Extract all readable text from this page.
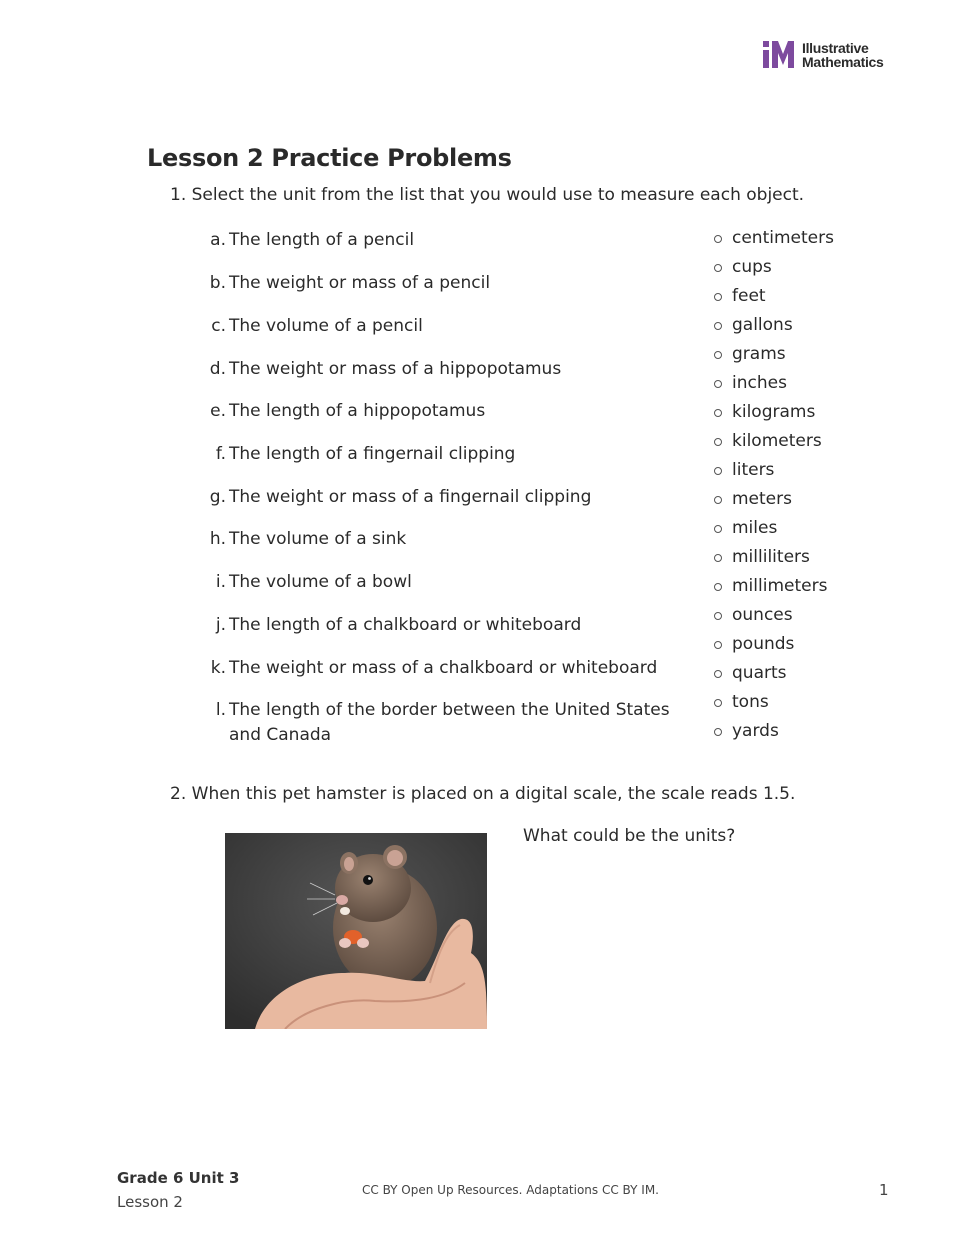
Illustrative
Mathematics
Lesson 2 Practice Problems
1. Select the unit from the list that you would use to measure each object.
a. The length of a pencil
b. The weight or mass of a pencil
c. The volume of a pencil
d. The weight or mass of a hippopotamus
e. The length of a hippopotamus
f. The length of a fingernail clipping
g. The weight or mass of a fingernail clipping
h. The volume of a sink
i. The volume of a bowl
j. The length of a chalkboard or whiteboard
k. The weight or mass of a chalkboard or whiteboard
l. The length of the border between the United States and Canada
centimeters
cups
feet
gallons
grams
inches
kilograms
kilometers
liters
meters
miles
milliliters
millimeters
ounces
pounds
quarts
tons
yards
2. When this pet hamster is placed on a digital scale, the scale reads 1.5.
What could be the units?
Grade 6 Unit 3
Lesson 2
CC BY Open Up Resources. Adaptations CC BY IM.	1
